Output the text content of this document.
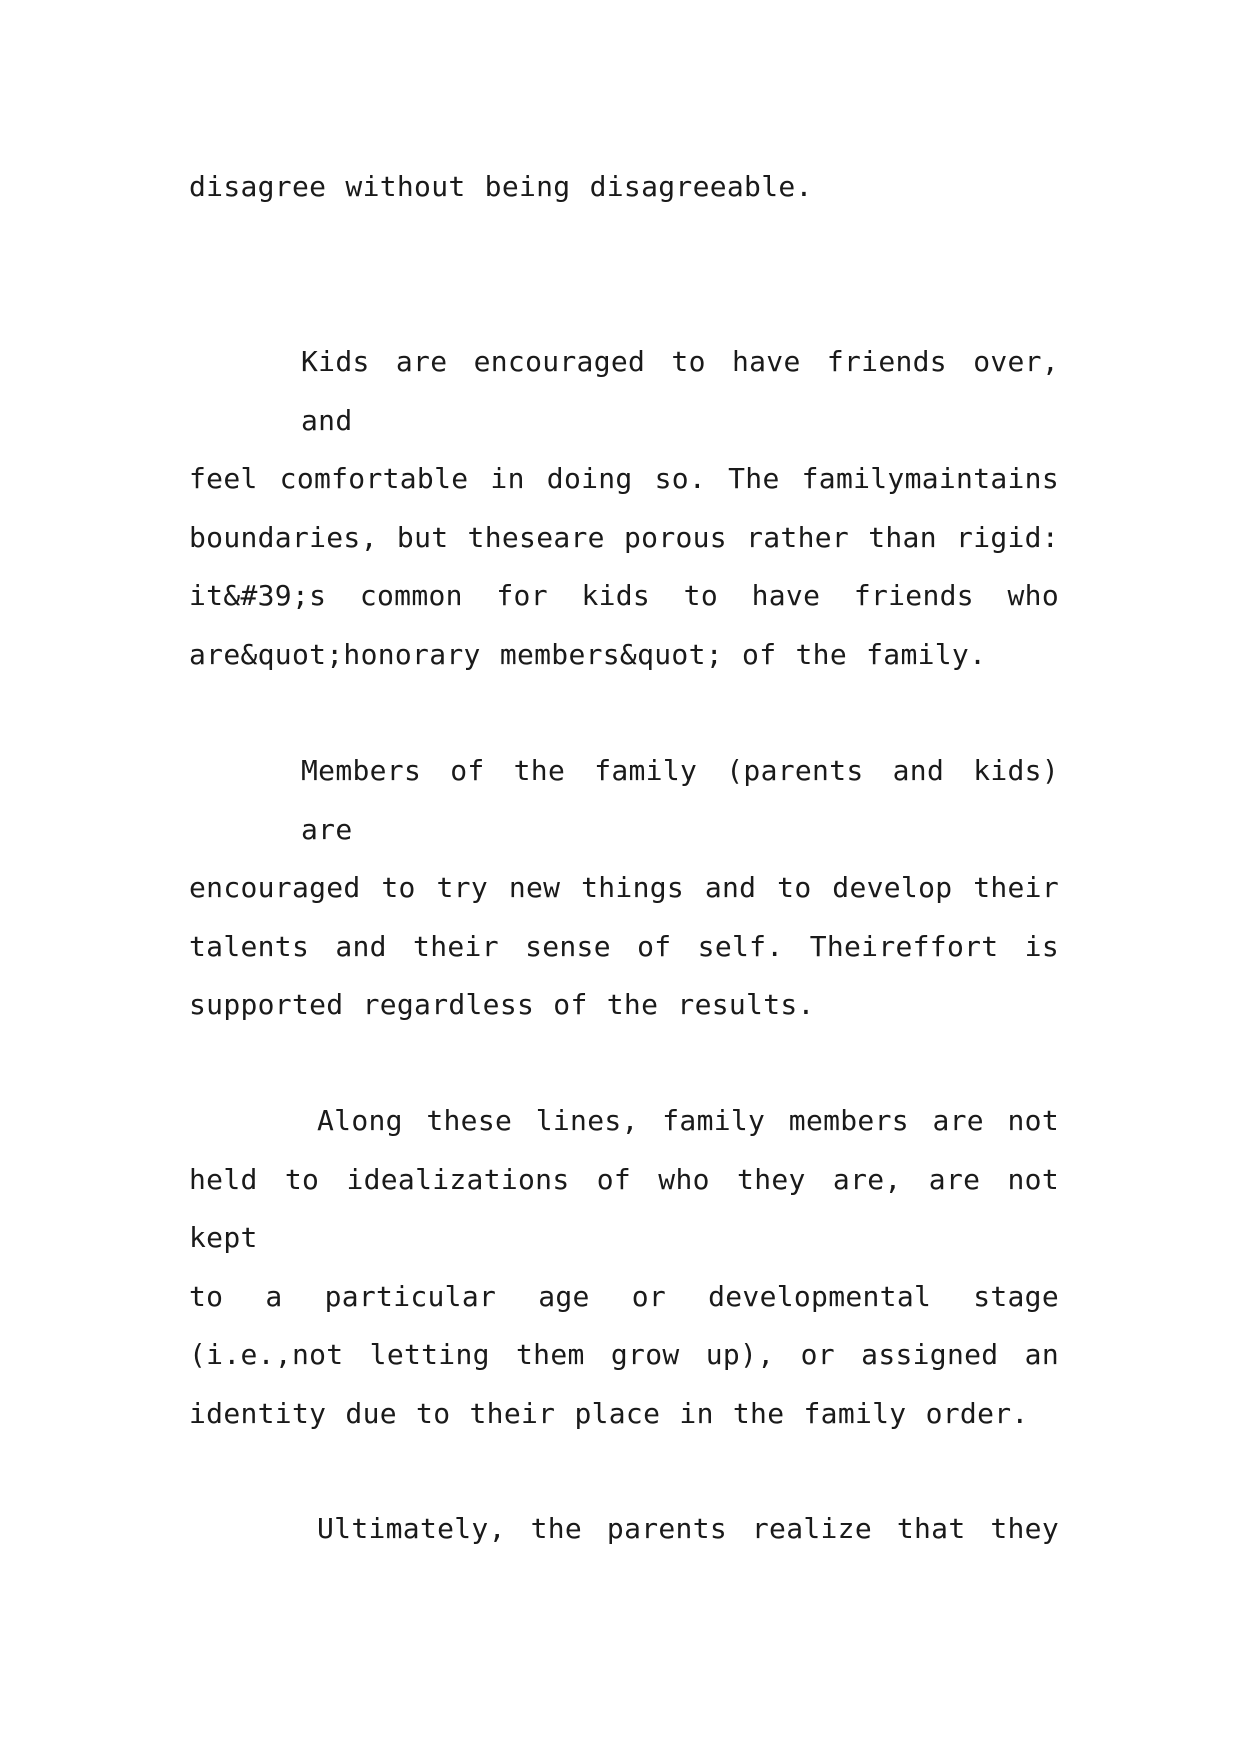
disagree without being disagreeable.

Kids are encouraged to have friends over, and
feel comfortable in doing so. The familymaintains
boundaries, but theseare porous rather than rigid:
it&#39;s common for kids to have friends who
are&quot;honorary members&quot; of the family.

Members of the family (parents and kids) are
encouraged to try new things and to develop their
talents and their sense of self. Theireffort is
supported regardless of the results.

Along these lines, family members are not
held to idealizations of who they are, are not kept
to a particular age or developmental stage
(i.e.,not letting them grow up), or assigned an
identity due to their place in the family order.

Ultimately, the parents realize that they
